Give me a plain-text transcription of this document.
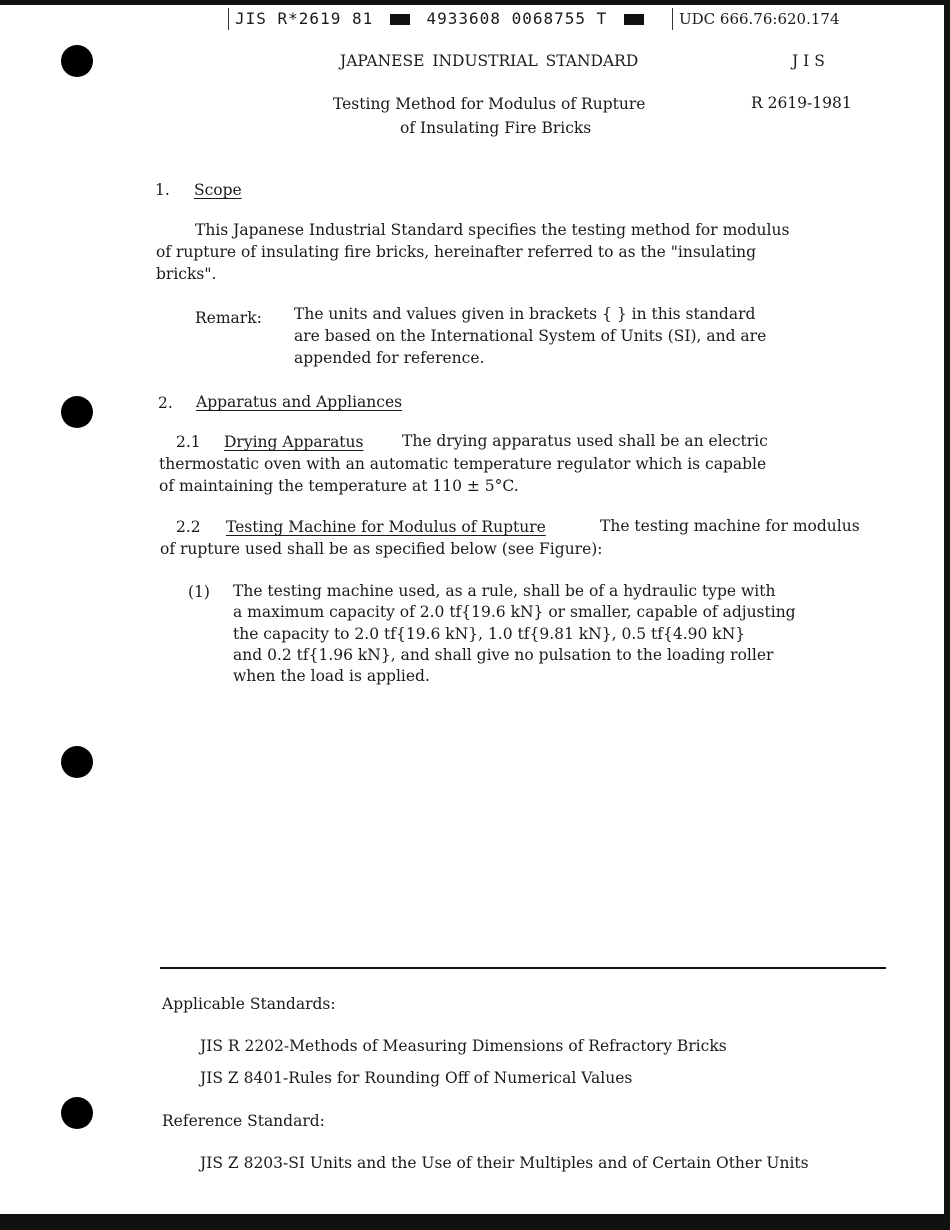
JIS R*2619 81	4933608 0068755 T	UDC 666.76:620.174
JAPANESE INDUSTRIAL STANDARD	J I S
Testing Method for Modulus of Rupture
of Insulating Fire Bricks
R 2619-1981
1. Scope
This Japanese Industrial Standard specifies the testing method for modulus
of rupture of insulating fire bricks, hereinafter referred to as the "insulating
bricks".
Remark: The units and values given in brackets { } in this standard
are based on the International System of Units (SI), and are
appended for reference.
2. Apparatus and Appliances
2.1 Drying Apparatus The drying apparatus used shall be an electric
thermostatic oven with an automatic temperature regulator which is capable
of maintaining the temperature at 110 ± 5°C.
2.2 Testing Machine for Modulus of Rupture	The testing machine for modulus
of rupture used shall be as specified below (see Figure):
(1) The testing machine used, as a rule, shall be of a hydraulic type with
a maximum capacity of 2.0 tf{19.6 kN} or smaller, capable of adjusting
the capacity to 2.0 tf{19.6 kN}, 1.0 tf{9.81 kN}, 0.5 tf{4.90 kN}
and 0.2 tf{1.96 kN}, and shall give no pulsation to the loading roller
when the load is applied.
Applicable Standards:
JIS R 2202-Methods of Measuring Dimensions of Refractory Bricks
JIS Z 8401-Rules for Rounding Off of Numerical Values
Reference Standard:
JIS Z 8203-SI Units and the Use of their Multiples and of Certain Other Units
